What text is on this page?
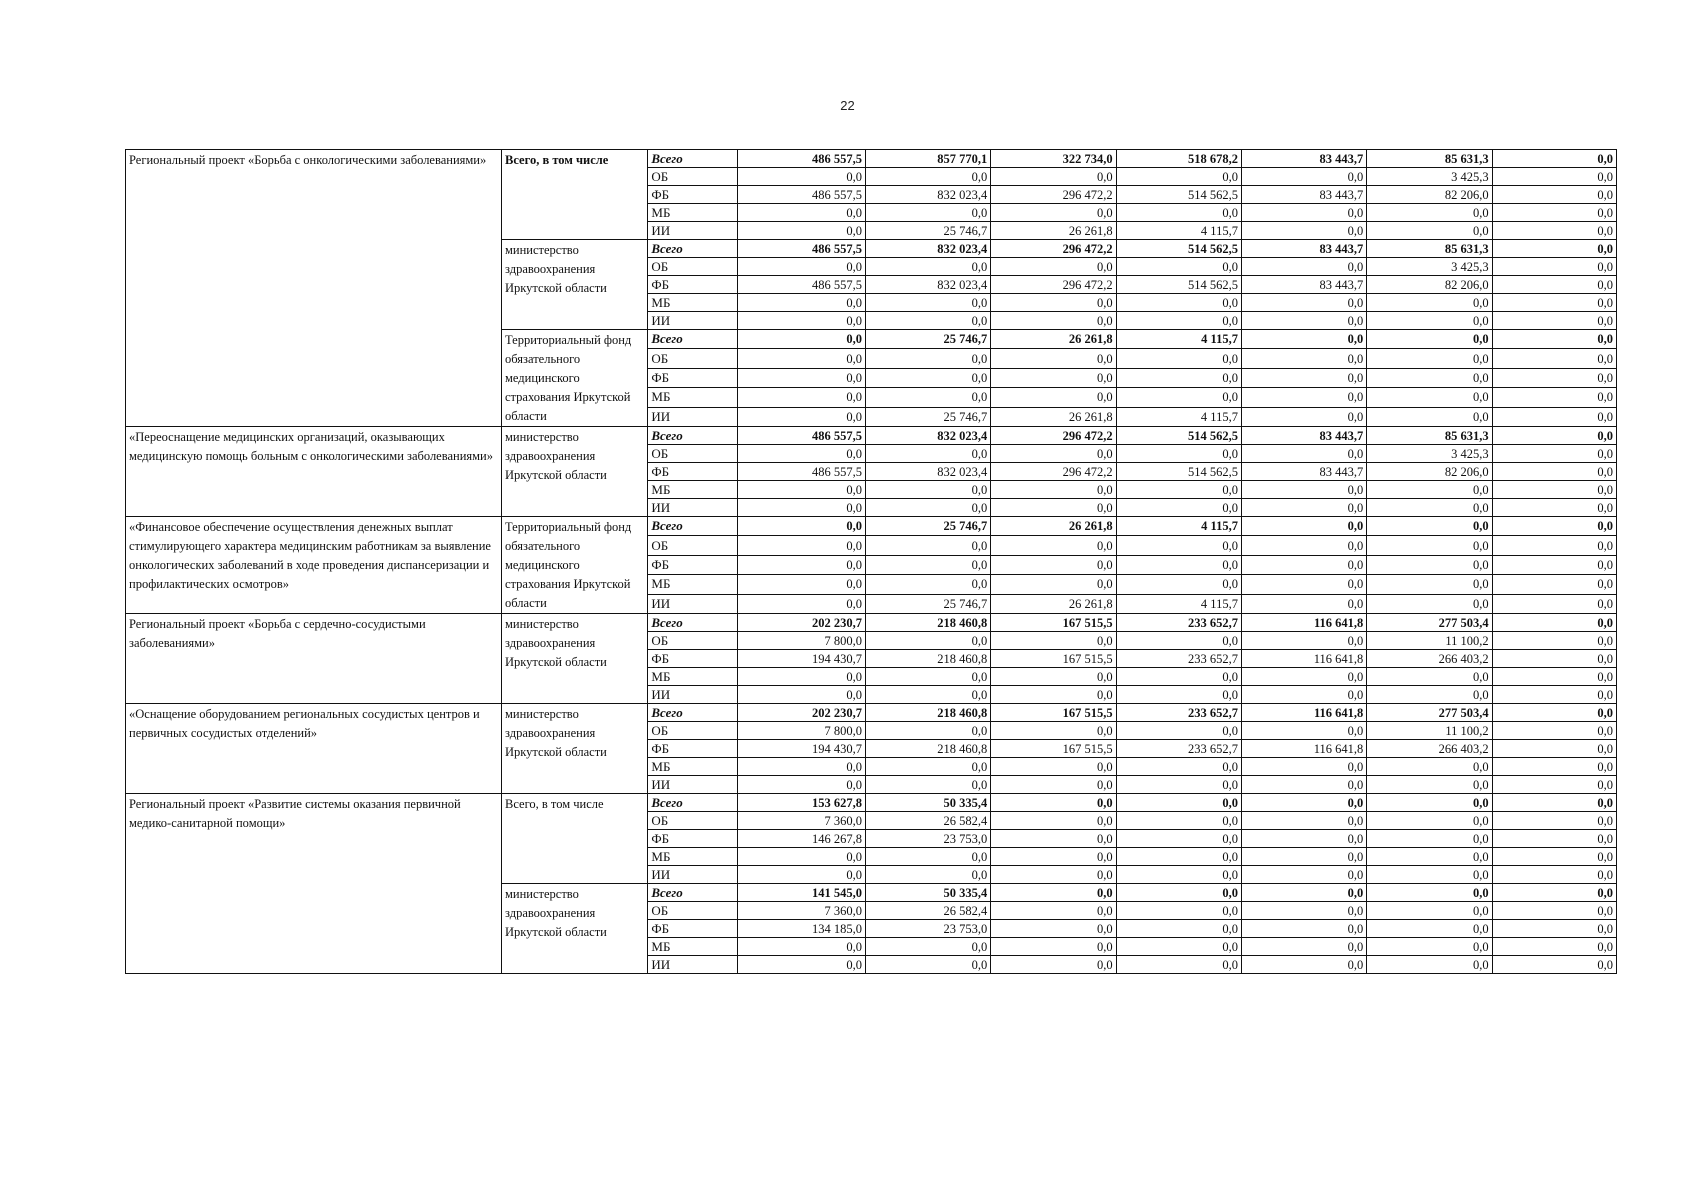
22
Региональный проект «Борьба с онкологическими заболеваниями»	Всего, в том числе	Всего	486 557,5	857 770,1	322 734,0	518 678,2	83 443,7	85 631,3	0,0
		ОБ	0,0	0,0	0,0	0,0	0,0	3 425,3	0,0
		ФБ	486 557,5	832 023,4	296 472,2	514 562,5	83 443,7	82 206,0	0,0
		МБ	0,0	0,0	0,0	0,0	0,0	0,0	0,0
		ИИ	0,0	25 746,7	26 261,8	4 115,7	0,0	0,0	0,0
	министерство здравоохранения Иркутской области	Всего	486 557,5	832 023,4	296 472,2	514 562,5	83 443,7	85 631,3	0,0
		ОБ	0,0	0,0	0,0	0,0	0,0	3 425,3	0,0
		ФБ	486 557,5	832 023,4	296 472,2	514 562,5	83 443,7	82 206,0	0,0
		МБ	0,0	0,0	0,0	0,0	0,0	0,0	0,0
		ИИ	0,0	0,0	0,0	0,0	0,0	0,0	0,0
	Территориальный фонд обязательного медицинского страхования Иркутской области	Всего	0,0	25 746,7	26 261,8	4 115,7	0,0	0,0	0,0
		ОБ	0,0	0,0	0,0	0,0	0,0	0,0	0,0
		ФБ	0,0	0,0	0,0	0,0	0,0	0,0	0,0
		МБ	0,0	0,0	0,0	0,0	0,0	0,0	0,0
		ИИ	0,0	25 746,7	26 261,8	4 115,7	0,0	0,0	0,0
«Переоснащение медицинских организаций, оказывающих медицинскую помощь больным с онкологическими заболеваниями»	министерство здравоохранения Иркутской области	Всего	486 557,5	832 023,4	296 472,2	514 562,5	83 443,7	85 631,3	0,0
		ОБ	0,0	0,0	0,0	0,0	0,0	3 425,3	0,0
		ФБ	486 557,5	832 023,4	296 472,2	514 562,5	83 443,7	82 206,0	0,0
		МБ	0,0	0,0	0,0	0,0	0,0	0,0	0,0
		ИИ	0,0	0,0	0,0	0,0	0,0	0,0	0,0
«Финансовое обеспечение осуществления денежных выплат стимулирующего характера медицинским работникам за выявление онкологических заболеваний в ходе проведения диспансеризации и профилактических осмотров»	Территориальный фонд обязательного медицинского страхования Иркутской области	Всего	0,0	25 746,7	26 261,8	4 115,7	0,0	0,0	0,0
		ОБ	0,0	0,0	0,0	0,0	0,0	0,0	0,0
		ФБ	0,0	0,0	0,0	0,0	0,0	0,0	0,0
		МБ	0,0	0,0	0,0	0,0	0,0	0,0	0,0
		ИИ	0,0	25 746,7	26 261,8	4 115,7	0,0	0,0	0,0
Региональный проект «Борьба с сердечно-сосудистыми заболеваниями»	министерство здравоохранения Иркутской области	Всего	202 230,7	218 460,8	167 515,5	233 652,7	116 641,8	277 503,4	0,0
		ОБ	7 800,0	0,0	0,0	0,0	0,0	11 100,2	0,0
		ФБ	194 430,7	218 460,8	167 515,5	233 652,7	116 641,8	266 403,2	0,0
		МБ	0,0	0,0	0,0	0,0	0,0	0,0	0,0
		ИИ	0,0	0,0	0,0	0,0	0,0	0,0	0,0
«Оснащение оборудованием региональных сосудистых центров и первичных сосудистых отделений»	министерство здравоохранения Иркутской области	Всего	202 230,7	218 460,8	167 515,5	233 652,7	116 641,8	277 503,4	0,0
		ОБ	7 800,0	0,0	0,0	0,0	0,0	11 100,2	0,0
		ФБ	194 430,7	218 460,8	167 515,5	233 652,7	116 641,8	266 403,2	0,0
		МБ	0,0	0,0	0,0	0,0	0,0	0,0	0,0
		ИИ	0,0	0,0	0,0	0,0	0,0	0,0	0,0
Региональный проект «Развитие системы оказания первичной медико-санитарной помощи»	Всего, в том числе	Всего	153 627,8	50 335,4	0,0	0,0	0,0	0,0	0,0
		ОБ	7 360,0	26 582,4	0,0	0,0	0,0	0,0	0,0
		ФБ	146 267,8	23 753,0	0,0	0,0	0,0	0,0	0,0
		МБ	0,0	0,0	0,0	0,0	0,0	0,0	0,0
		ИИ	0,0	0,0	0,0	0,0	0,0	0,0	0,0
	министерство здравоохранения Иркутской области	Всего	141 545,0	50 335,4	0,0	0,0	0,0	0,0	0,0
		ОБ	7 360,0	26 582,4	0,0	0,0	0,0	0,0	0,0
		ФБ	134 185,0	23 753,0	0,0	0,0	0,0	0,0	0,0
		МБ	0,0	0,0	0,0	0,0	0,0	0,0	0,0
		ИИ	0,0	0,0	0,0	0,0	0,0	0,0	0,0
